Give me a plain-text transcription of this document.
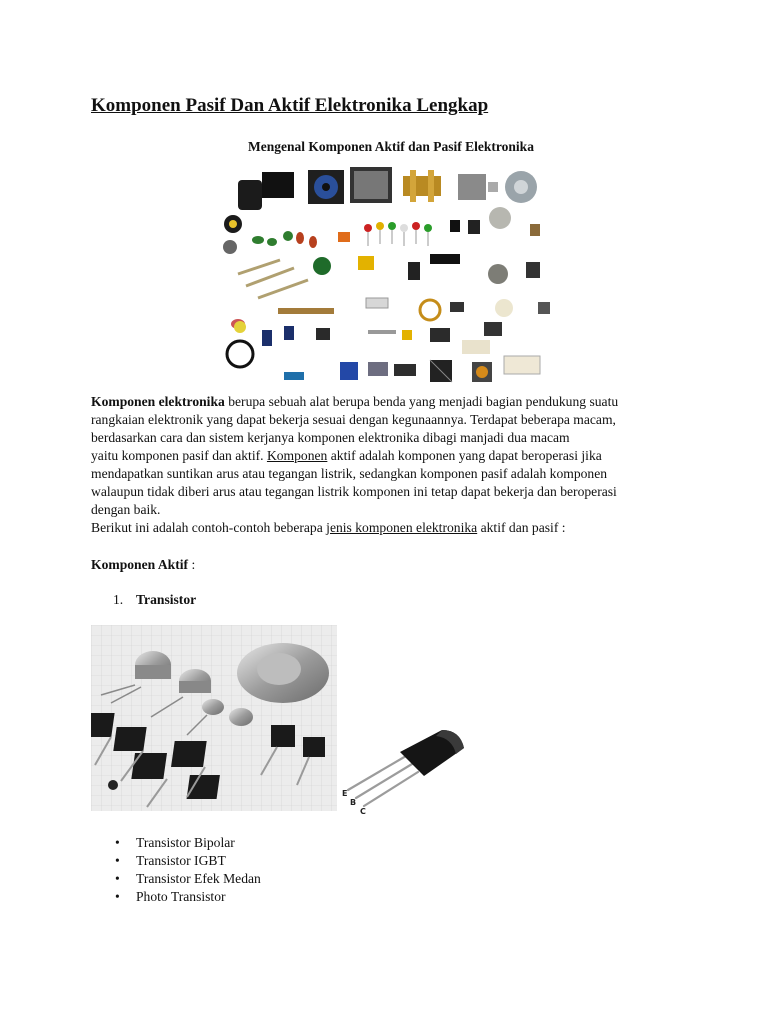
Komponen Pasif Dan Aktif Elektronika Lengkap
Mengenal Komponen Aktif dan Pasif Elektronika

Komponen elektronika berupa sebuah alat berupa benda yang menjadi bagian pendukung suatu

rangkaian elektronik yang dapat bekerja sesuai dengan kegunaannya. Terdapat beberapa macam,

berdasarkan cara dan sistem kerjanya komponen elektronika dibagi manjadi dua macam

yaitu komponen pasif dan aktif. Komponen aktif adalah komponen yang dapat beroperasi jika

mendapatkan suntikan arus atau tegangan listrik, sedangkan komponen pasif adalah komponen

walaupun tidak diberi arus atau tegangan listrik komponen ini tetap dapat bekerja dan beroperasi

dengan baik.

Berikut ini adalah contoh-contoh beberapa jenis komponen elektronika aktif dan pasif :

Komponen Aktif :
1. Transistor
E
B
C
• Transistor Bipolar
• Transistor IGBT
• Transistor Efek Medan
• Photo Transistor
